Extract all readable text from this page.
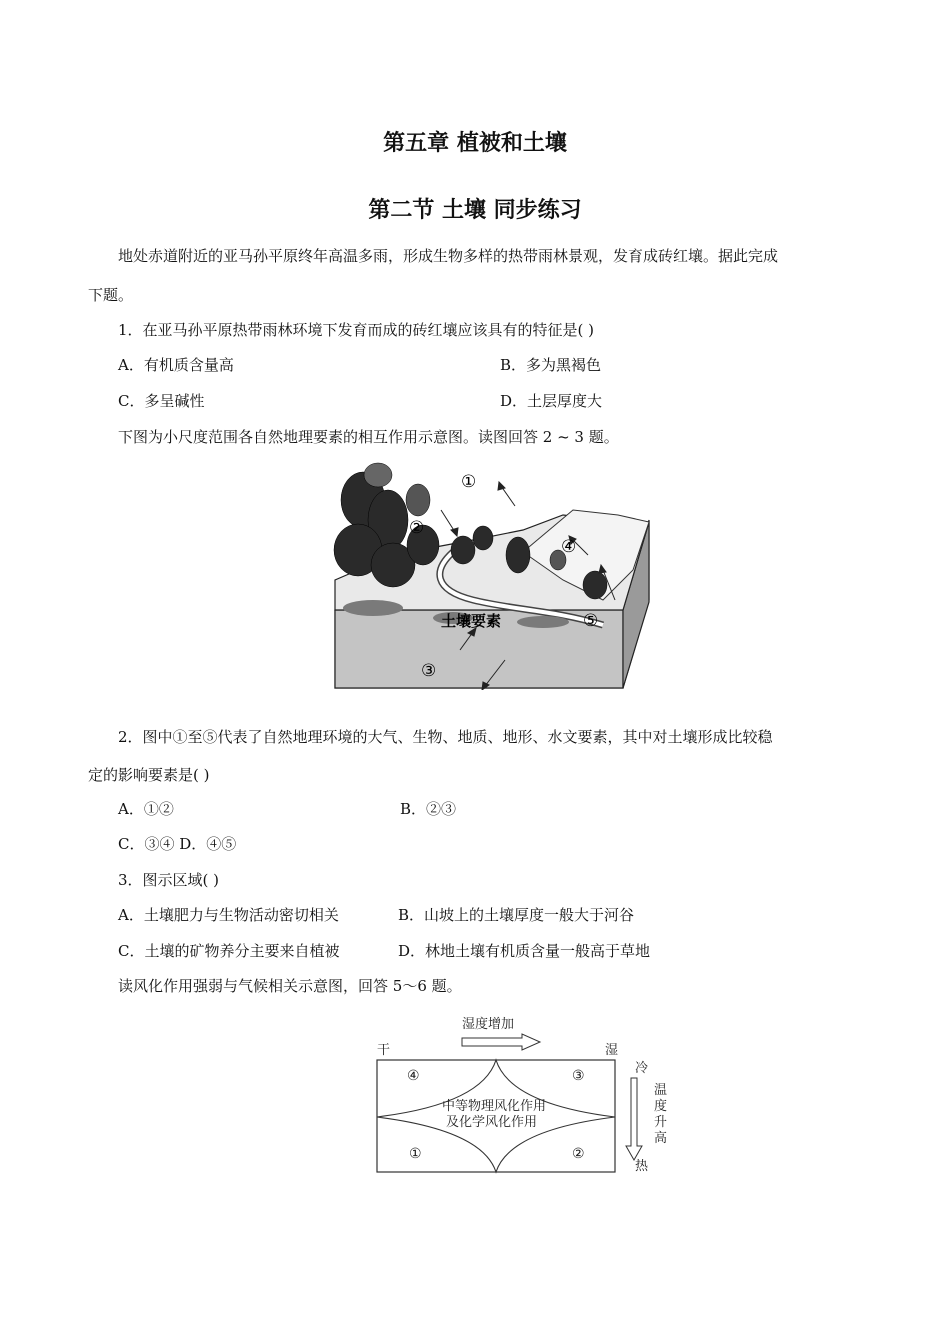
第五章 植被和土壤
第二节 土壤 同步练习
地处赤道附近的亚马孙平原终年高温多雨，形成生物多样的热带雨林景观，发育成砖红壤。据此完成
下题。
1．在亚马孙平原热带雨林环境下发育而成的砖红壤应该具有的特征是( )
A．有机质含量高	B．多为黑褐色
C．多呈碱性	D．土层厚度大
下图为小尺度范围各自然地理要素的相互作用示意图。读图回答 2 ~ 3 题。
①
②
④
⑤
③
土壤要素
2．图中①至⑤代表了自然地理环境的大气、生物、地质、地形、水文要素，其中对土壤形成比较稳
定的影响要素是( )
A．①②	B．②③
C．③④ D．④⑤
3．图示区域( )
A．土壤肥力与生物活动密切相关	B．山坡上的土壤厚度一般大于河谷
C．土壤的矿物养分主要来自植被	D．林地土壤有机质含量一般高于草地
读风化作用强弱与气候相关示意图，回答 5～6 题。
湿度增加
干	湿
中等物理风化作用
及化学风化作用
④	③
①	②
冷
温
度
升
高
热
